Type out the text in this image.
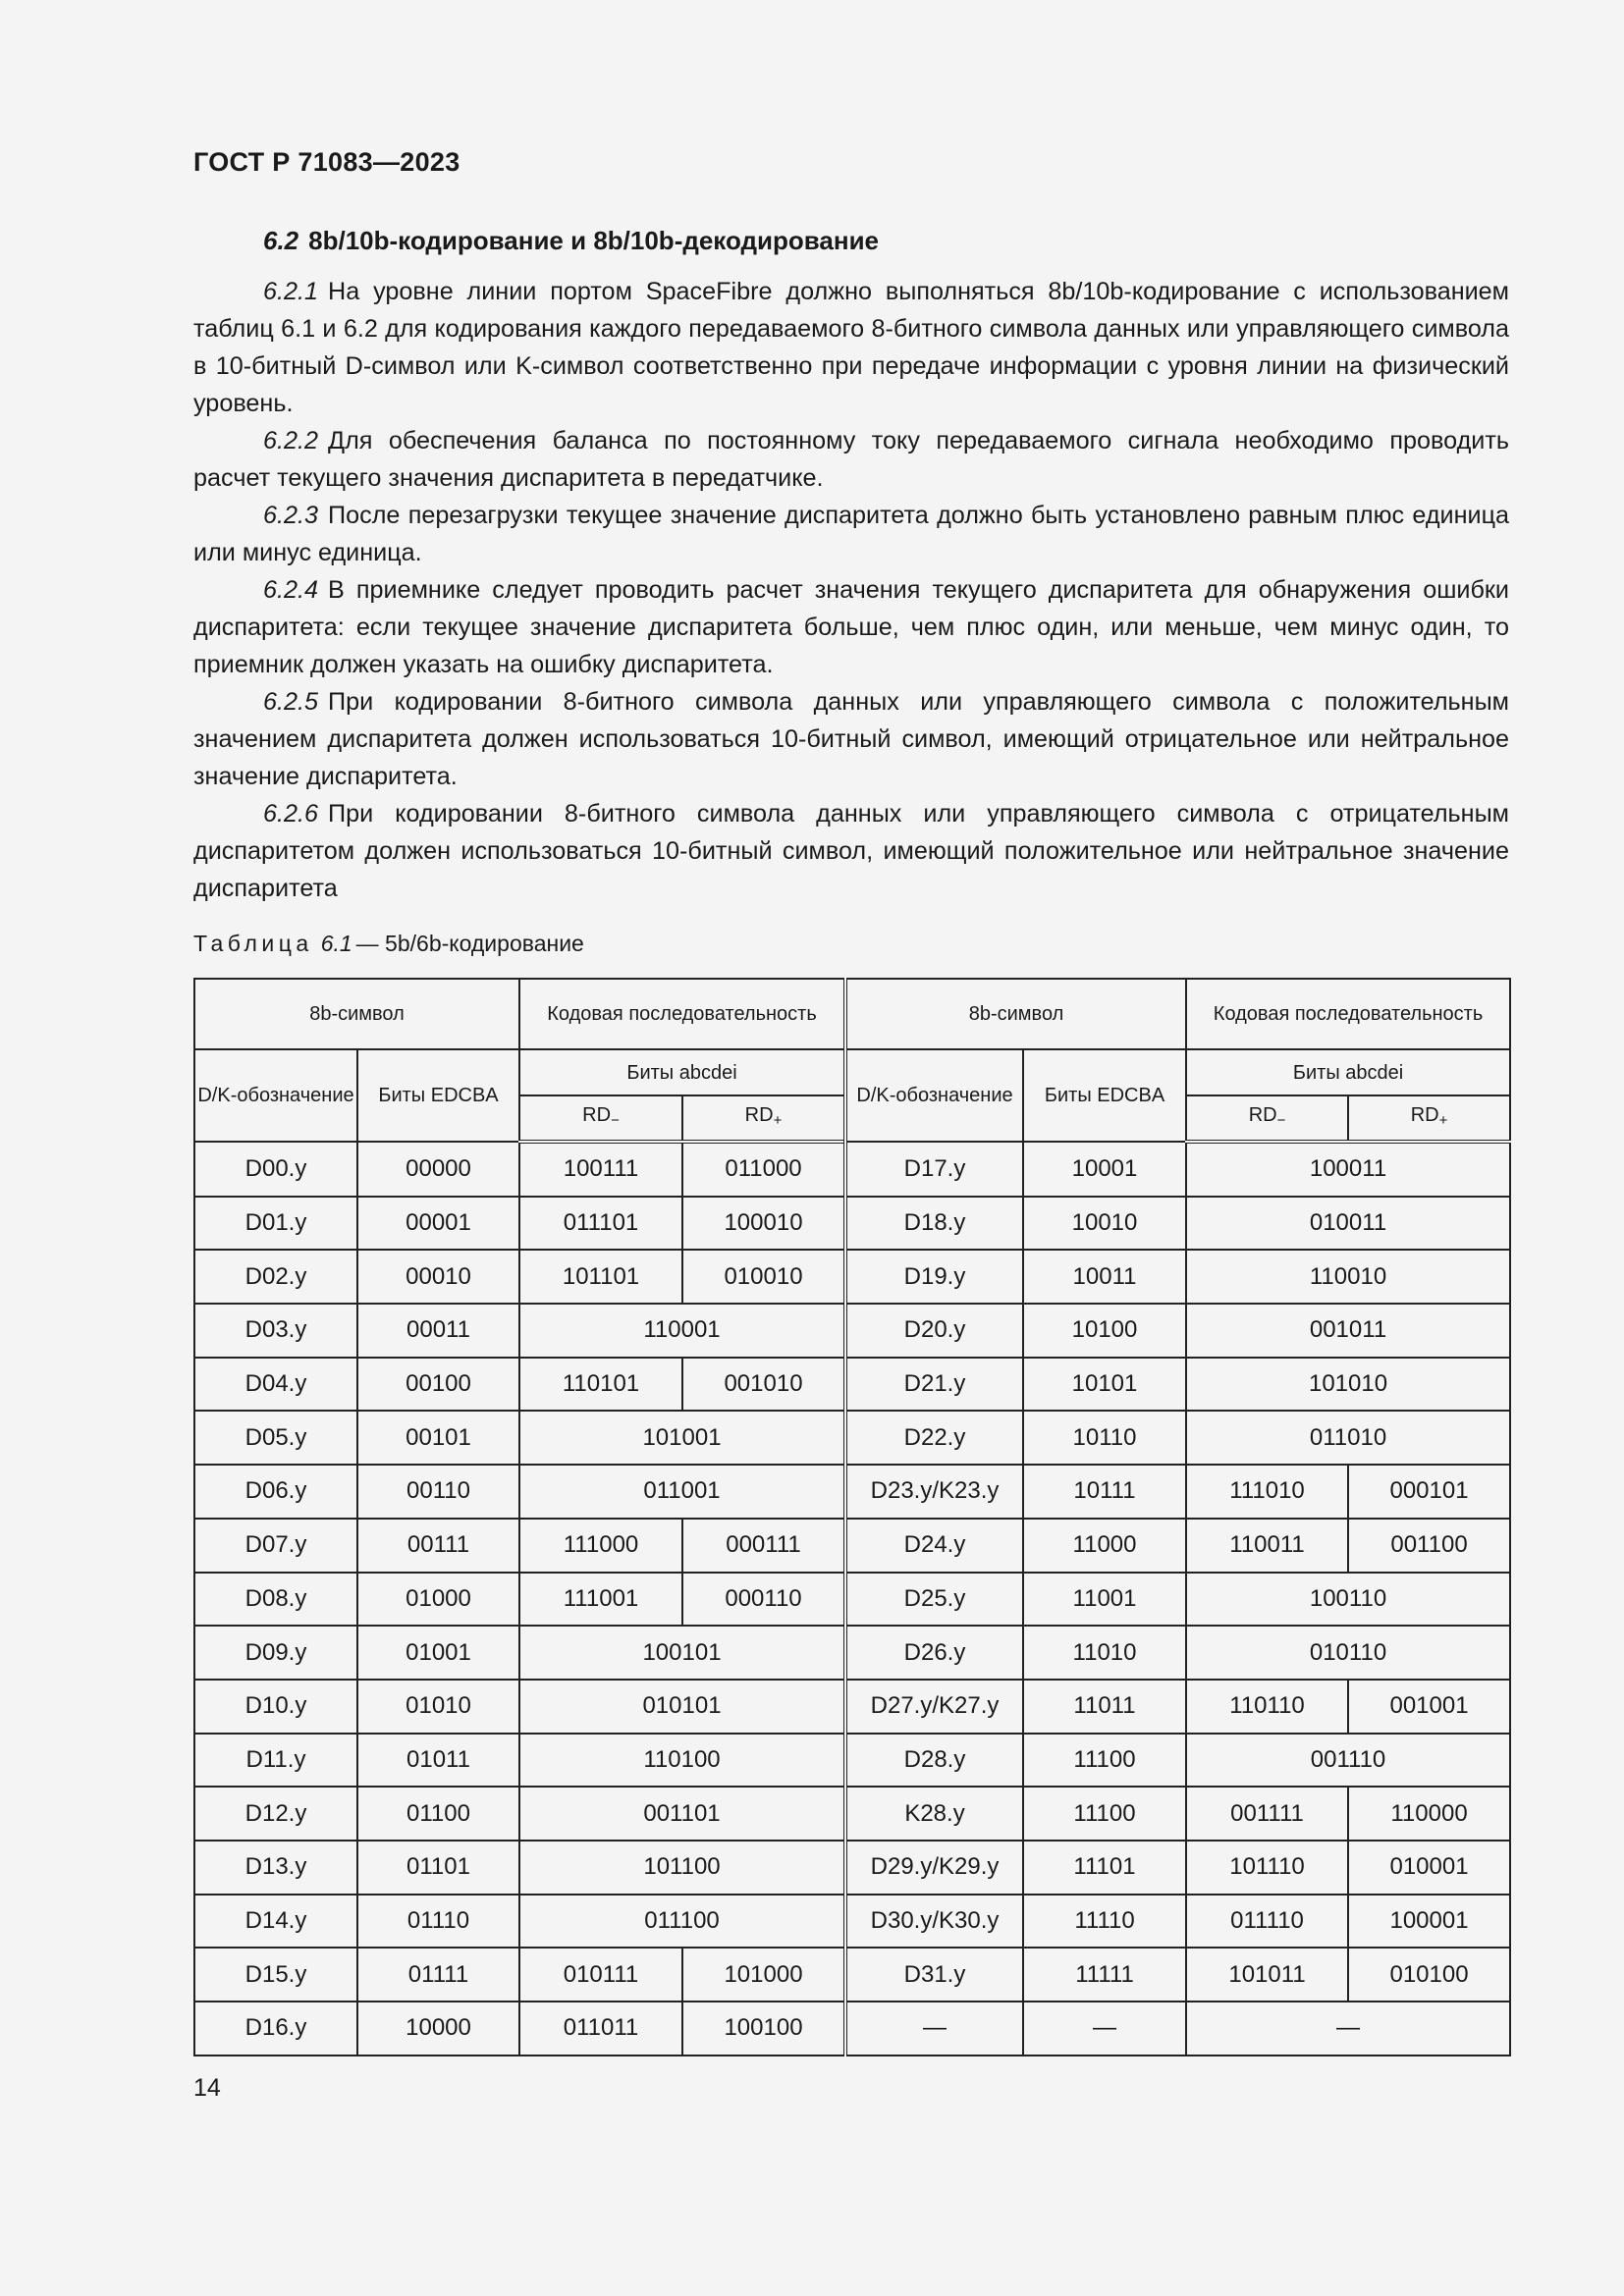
ГОСТ Р 71083—2023
6.2 8b/10b-кодирование и 8b/10b-декодирование

6.2.1 На уровне линии портом SpaceFibre должно выполняться 8b/10b-кодирование с использованием таблиц 6.1 и 6.2 для кодирования каждого передаваемого 8-битного символа данных или управляющего символа в 10-битный D-символ или K-символ соответственно при передаче информации с уровня линии на физический уровень.

6.2.2 Для обеспечения баланса по постоянному току передаваемого сигнала необходимо проводить расчет текущего значения диспаритета в передатчике.

6.2.3 После перезагрузки текущее значение диспаритета должно быть установлено равным плюс единица или минус единица.

6.2.4 В приемнике следует проводить расчет значения текущего диспаритета для обнаружения ошибки диспаритета: если текущее значение диспаритета больше, чем плюс один, или меньше, чем минус один, то приемник должен указать на ошибку диспаритета.

6.2.5 При кодировании 8-битного символа данных или управляющего символа с положительным значением диспаритета должен использоваться 10-битный символ, имеющий отрицательное или нейтральное значение диспаритета.

6.2.6 При кодировании 8-битного символа данных или управляющего символа с отрицательным диспаритетом должен использоваться 10-битный символ, имеющий положительное или нейтральное значение диспаритета

Таблица 6.1 — 5b/6b-кодирование
8b-символ		Кодовая последовательность		8b-символ		Кодовая последовательность	
D/K-обозначение	Биты EDCBA	Биты abcdei		D/K-обозначение	Биты EDCBA	Биты abcdei	
		$RD_-$	$RD_+$			$RD_-$	$RD_+$
D00.y	00000	100111	011000	D17.y	10001	100011	
D01.y	00001	011101	100010	D18.y	10010	010011	
D02.y	00010	101101	010010	D19.y	10011	110010	
D03.y	00011	110001		D20.y	10100	001011	
D04.y	00100	110101	001010	D21.y	10101	101010	
D05.y	00101	101001		D22.y	10110	011010	
D06.y	00110	011001		D23.y/K23.y	10111	111010	000101
D07.y	00111	111000	000111	D24.y	11000	110011	001100
D08.y	01000	111001	000110	D25.y	11001	100110	
D09.y	01001	100101		D26.y	11010	010110	
D10.y	01010	010101		D27.y/K27.y	11011	110110	001001
D11.y	01011	110100		D28.y	11100	001110	
D12.y	01100	001101		K28.y	11100	001111	110000
D13.y	01101	101100		D29.y/K29.y	11101	101110	010001
D14.y	01110	011100		D30.y/K30.y	11110	011110	100001
D15.y	01111	010111	101000	D31.y	11111	101011	010100
D16.y	10000	011011	100100	—	—	—	
14
